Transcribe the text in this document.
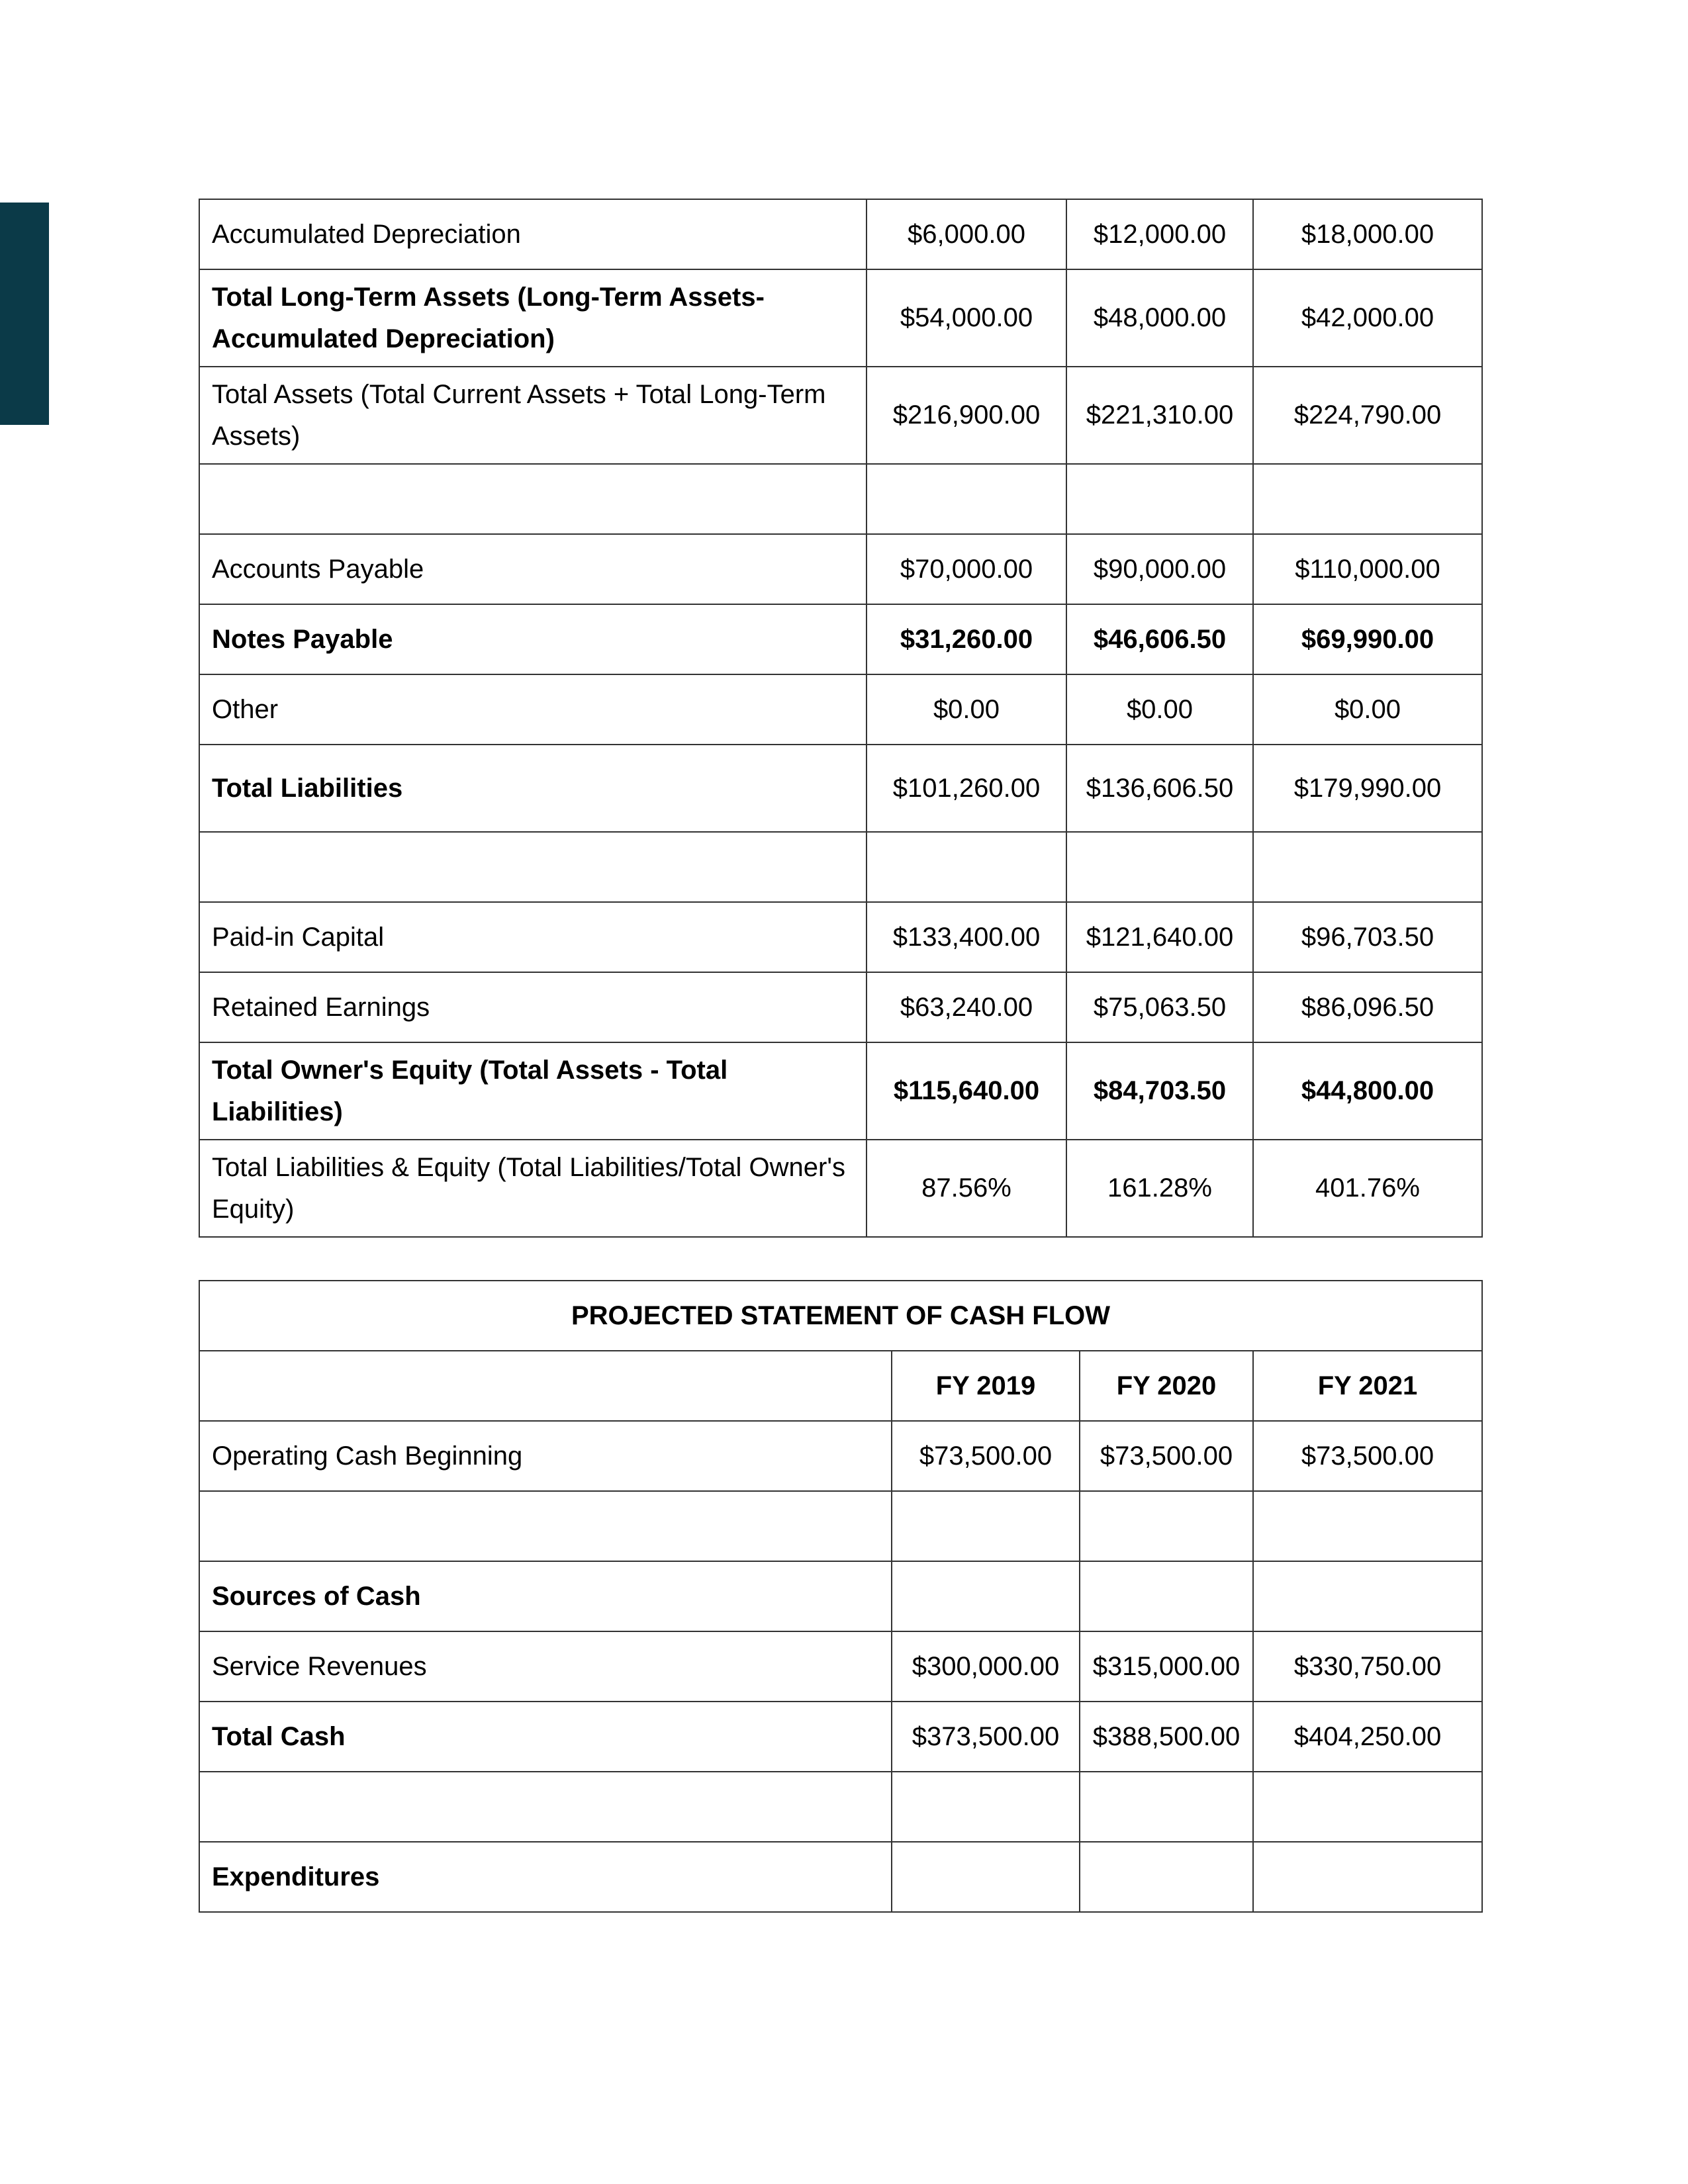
Accumulated Depreciation	$6,000.00	$12,000.00	$18,000.00
Total Long-Term Assets (Long-Term Assets-Accumulated Depreciation)	$54,000.00	$48,000.00	$42,000.00
Total Assets (Total Current Assets + Total Long-Term Assets)	$216,900.00	$221,310.00	$224,790.00

Accounts Payable	$70,000.00	$90,000.00	$110,000.00
Notes Payable	$31,260.00	$46,606.50	$69,990.00
Other	$0.00	$0.00	$0.00
Total Liabilities	$101,260.00	$136,606.50	$179,990.00

Paid-in Capital	$133,400.00	$121,640.00	$96,703.50
Retained Earnings	$63,240.00	$75,063.50	$86,096.50
Total Owner's Equity (Total Assets - Total Liabilities)	$115,640.00	$84,703.50	$44,800.00
Total Liabilities & Equity (Total Liabilities/Total Owner's Equity)	87.56%	161.28%	401.76%
PROJECTED STATEMENT OF CASH FLOW			
	FY 2019	FY 2020	FY 2021
Operating Cash Beginning	$73,500.00	$73,500.00	$73,500.00

Sources of Cash			
Service Revenues	$300,000.00	$315,000.00	$330,750.00
Total Cash	$373,500.00	$388,500.00	$404,250.00

Expenditures			
